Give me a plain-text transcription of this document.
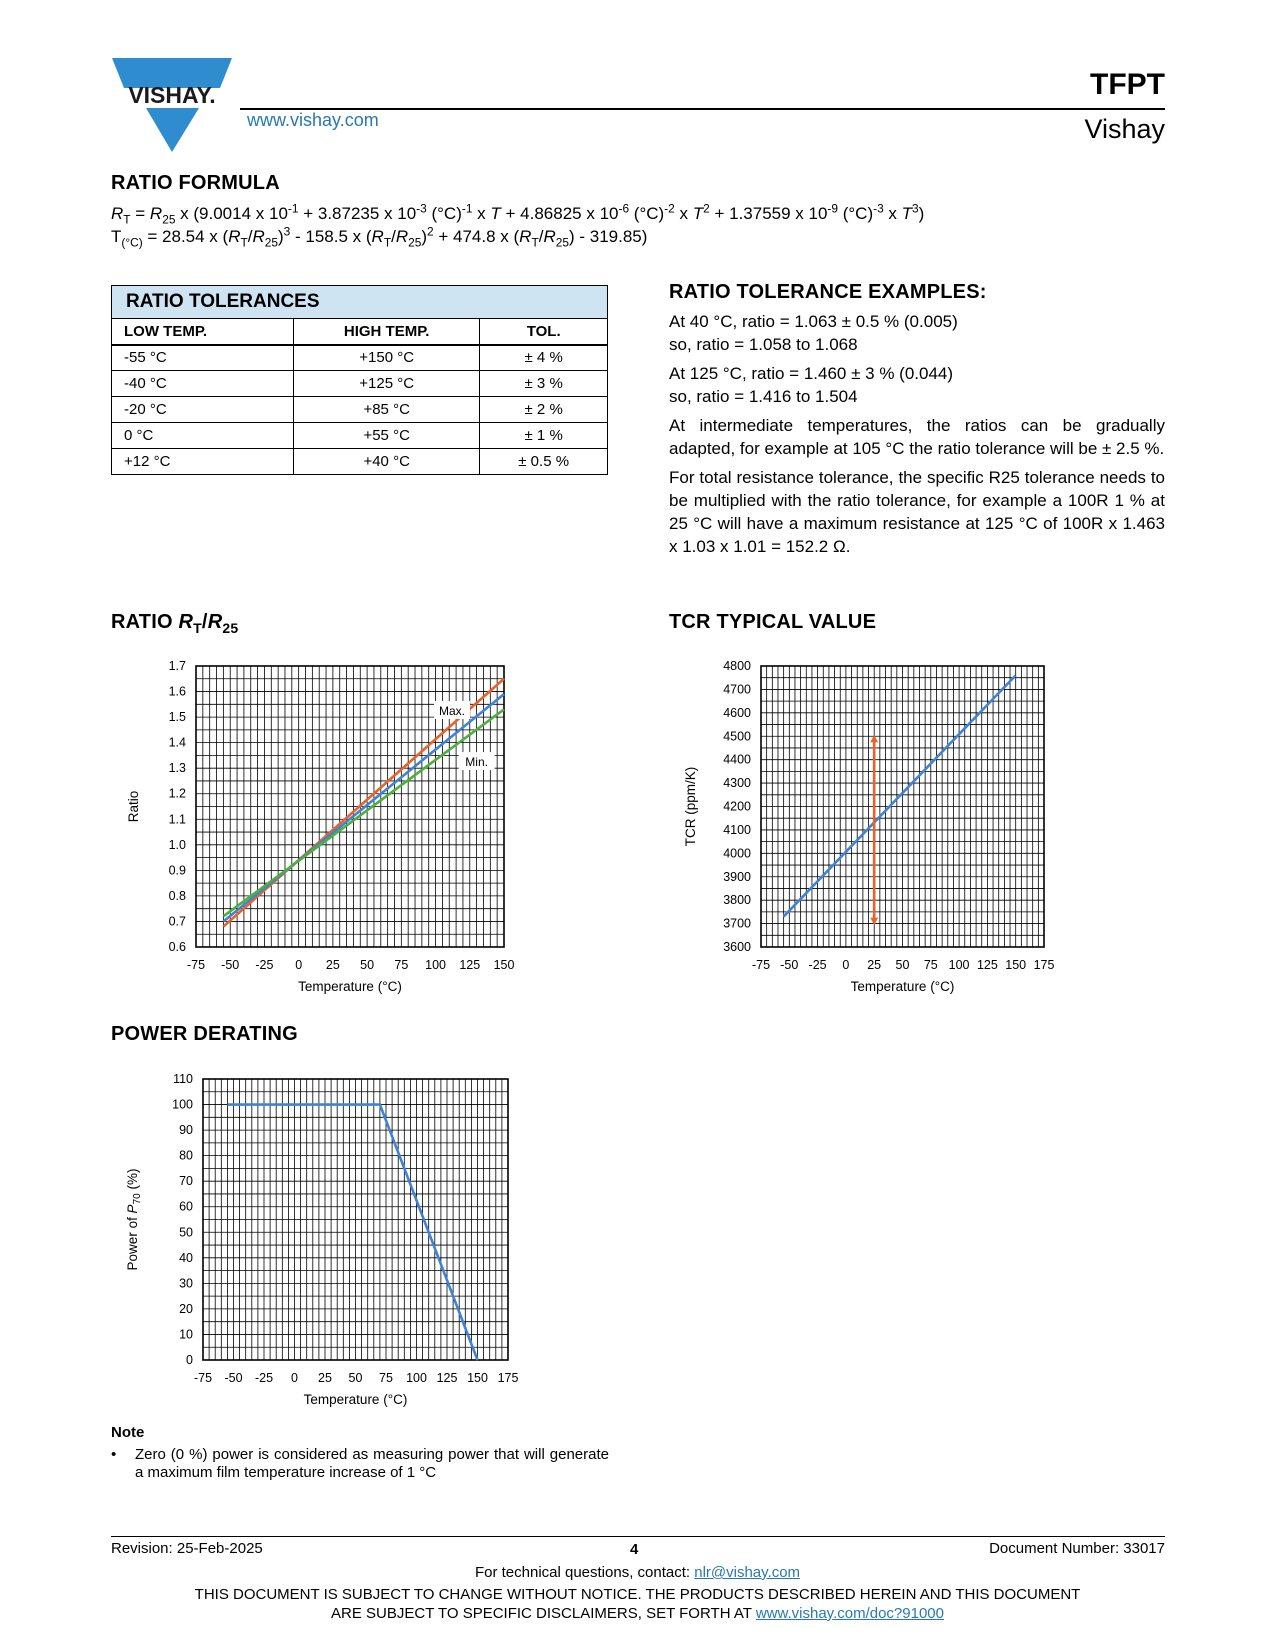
VISHAY.
www.vishay.com
TFPT
Vishay
RATIO FORMULA
$R_T = R_{25}$ x (9.0014 x $10^{-1} + 3.87235$ x $10^{-3}$ $(^\circ C)^{-1}$ x T + 4.86825 x $10^{-6}$ $(^\circ C)^{-2}$ x $T^2 + 1.37559$ x $10^{-9}$ $(^\circ C)^{-3}$ x $T^3$)
$T_{(^\circ C)} = 28.54$ x $(R_T/R_{25})^3 - 158.5$ x $(R_T/R_{25})^2 + 474.8$ x $(R_T/R_{25}) - 319.85$)
RATIO TOLERANCES		
LOW TEMP.	HIGH TEMP.	TOL.
-55 °C	+150 °C	± 4 %
-40 °C	+125 °C	± 3 %
-20 °C	+85 °C	± 2 %
0 °C	+55 °C	± 1 %
+12 °C	+40 °C	± 0.5 %
RATIO TOLERANCE EXAMPLES:

At 40 °C, ratio = 1.063 ± 0.5 % (0.005)
so, ratio = 1.058 to 1.068

At 125 °C, ratio = 1.460 ± 3 % (0.044)
so, ratio = 1.416 to 1.504

At intermediate temperatures, the ratios can be gradually adapted, for example at 105 °C the ratio tolerance will be ± 2.5 %.

For total resistance tolerance, the specific R25 tolerance needs to be multiplied with the ratio tolerance, for example a 100R 1 % at 25 °C will have a maximum resistance at 125 °C of 100R x 1.463 x 1.03 x 1.01 = 152.2 Ω.

RATIO $R_T/R_{25}$	TCR TYPICAL VALUE
POWER DERATING
-75 -50 -25 0 25 50 75 100 125 150
0.6
0.7
0.8
0.9
1.0
1.1
1.2
1.3
1.4
1.5
1.6
1.7
Temperature (°C)
Ratio
Max.
Min.
-75 -50 -25 0 25 50 75 100 125 150 175
3600
3700
3800
3900
4000
4100
4200
4300
4400
4500
4600
4700
4800
Temperature (°C)
TCR (ppm/K)
-75 -50 -25 0 25 50 75 100 125 150 175
0
10
20
30
40
50
60
70
80
90
100
110
Temperature (°C)
Power of $P_{70}$ (%)
Note
• Zero (0 %) power is considered as measuring power that will generate a maximum film temperature increase of 1 °C
Revision: 25-Feb-2025	4	Document Number: 33017
For technical questions, contact: nlr@vishay.com
THIS DOCUMENT IS SUBJECT TO CHANGE WITHOUT NOTICE. THE PRODUCTS DESCRIBED HEREIN AND THIS DOCUMENT
ARE SUBJECT TO SPECIFIC DISCLAIMERS, SET FORTH AT www.vishay.com/doc?91000
